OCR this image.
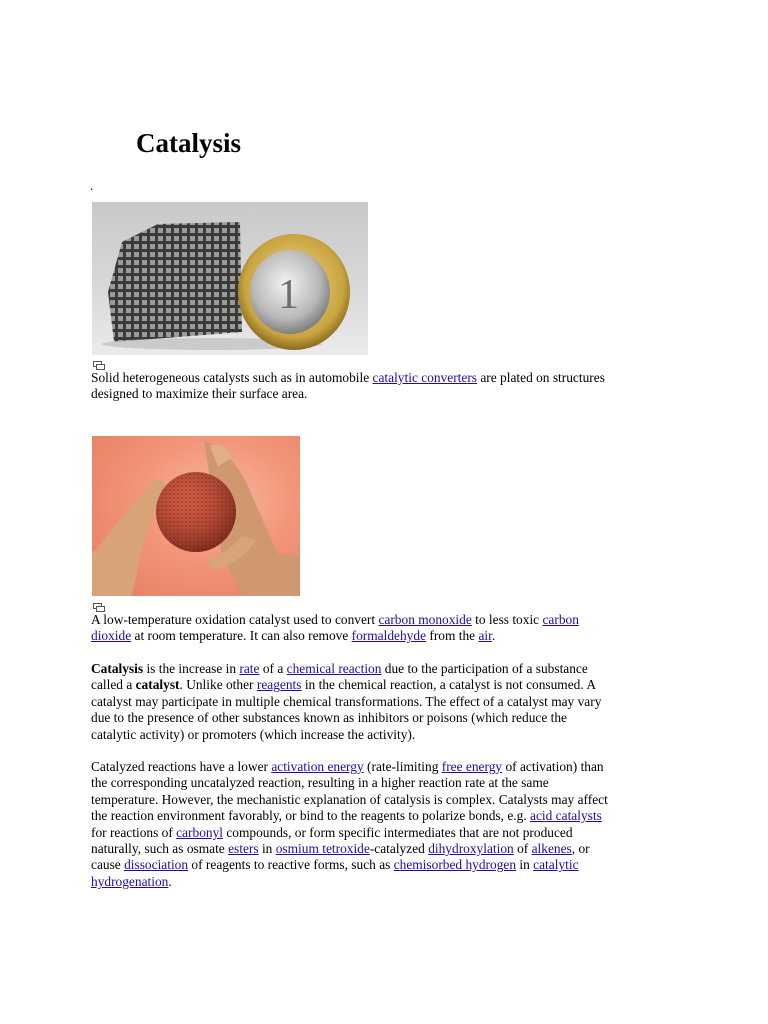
Catalysis
.
1

Solid heterogeneous catalysts such as in automobile catalytic converters are plated on structures
designed to maximize their surface area.

A low-temperature oxidation catalyst used to convert carbon monoxide to less toxic carbon
dioxide at room temperature. It can also remove formaldehyde from the air.

Catalysis is the increase in rate of a chemical reaction due to the participation of a substance
called a catalyst. Unlike other reagents in the chemical reaction, a catalyst is not consumed. A
catalyst may participate in multiple chemical transformations. The effect of a catalyst may vary
due to the presence of other substances known as inhibitors or poisons (which reduce the
catalytic activity) or promoters (which increase the activity).

Catalyzed reactions have a lower activation energy (rate-limiting free energy of activation) than
the corresponding uncatalyzed reaction, resulting in a higher reaction rate at the same
temperature. However, the mechanistic explanation of catalysis is complex. Catalysts may affect
the reaction environment favorably, or bind to the reagents to polarize bonds, e.g. acid catalysts
for reactions of carbonyl compounds, or form specific intermediates that are not produced
naturally, such as osmate esters in osmium tetroxide-catalyzed dihydroxylation of alkenes, or
cause dissociation of reagents to reactive forms, such as chemisorbed hydrogen in catalytic
hydrogenation.
